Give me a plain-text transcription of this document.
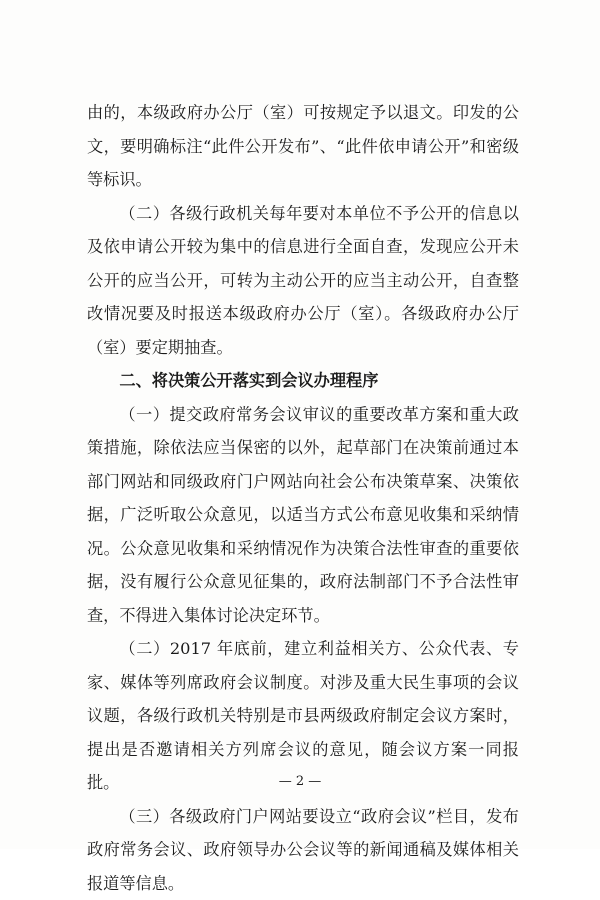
由的，本级政府办公厅（室）可按规定予以退文。印发的公文，要明确标注“此件公开发布”、“此件依申请公开”和密级等标识。

（二）各级行政机关每年要对本单位不予公开的信息以及依申请公开较为集中的信息进行全面自查，发现应公开未公开的应当公开，可转为主动公开的应当主动公开，自查整改情况要及时报送本级政府办公厅（室）。各级政府办公厅（室）要定期抽查。

二、将决策公开落实到会议办理程序

（一）提交政府常务会议审议的重要改革方案和重大政策措施，除依法应当保密的以外，起草部门在决策前通过本部门网站和同级政府门户网站向社会公布决策草案、决策依据，广泛听取公众意见，以适当方式公布意见收集和采纳情况。公众意见收集和采纳情况作为决策合法性审查的重要依据，没有履行公众意见征集的，政府法制部门不予合法性审查，不得进入集体讨论决定环节。

（二）2017 年底前，建立利益相关方、公众代表、专家、媒体等列席政府会议制度。对涉及重大民生事项的会议议题，各级行政机关特别是市县两级政府制定会议方案时，提出是否邀请相关方列席会议的意见，随会议方案一同报批。

（三）各级政府门户网站要设立“政府会议”栏目，发布政府常务会议、政府领导办公会议等的新闻通稿及媒体相关报道等信息。

— 2 —
